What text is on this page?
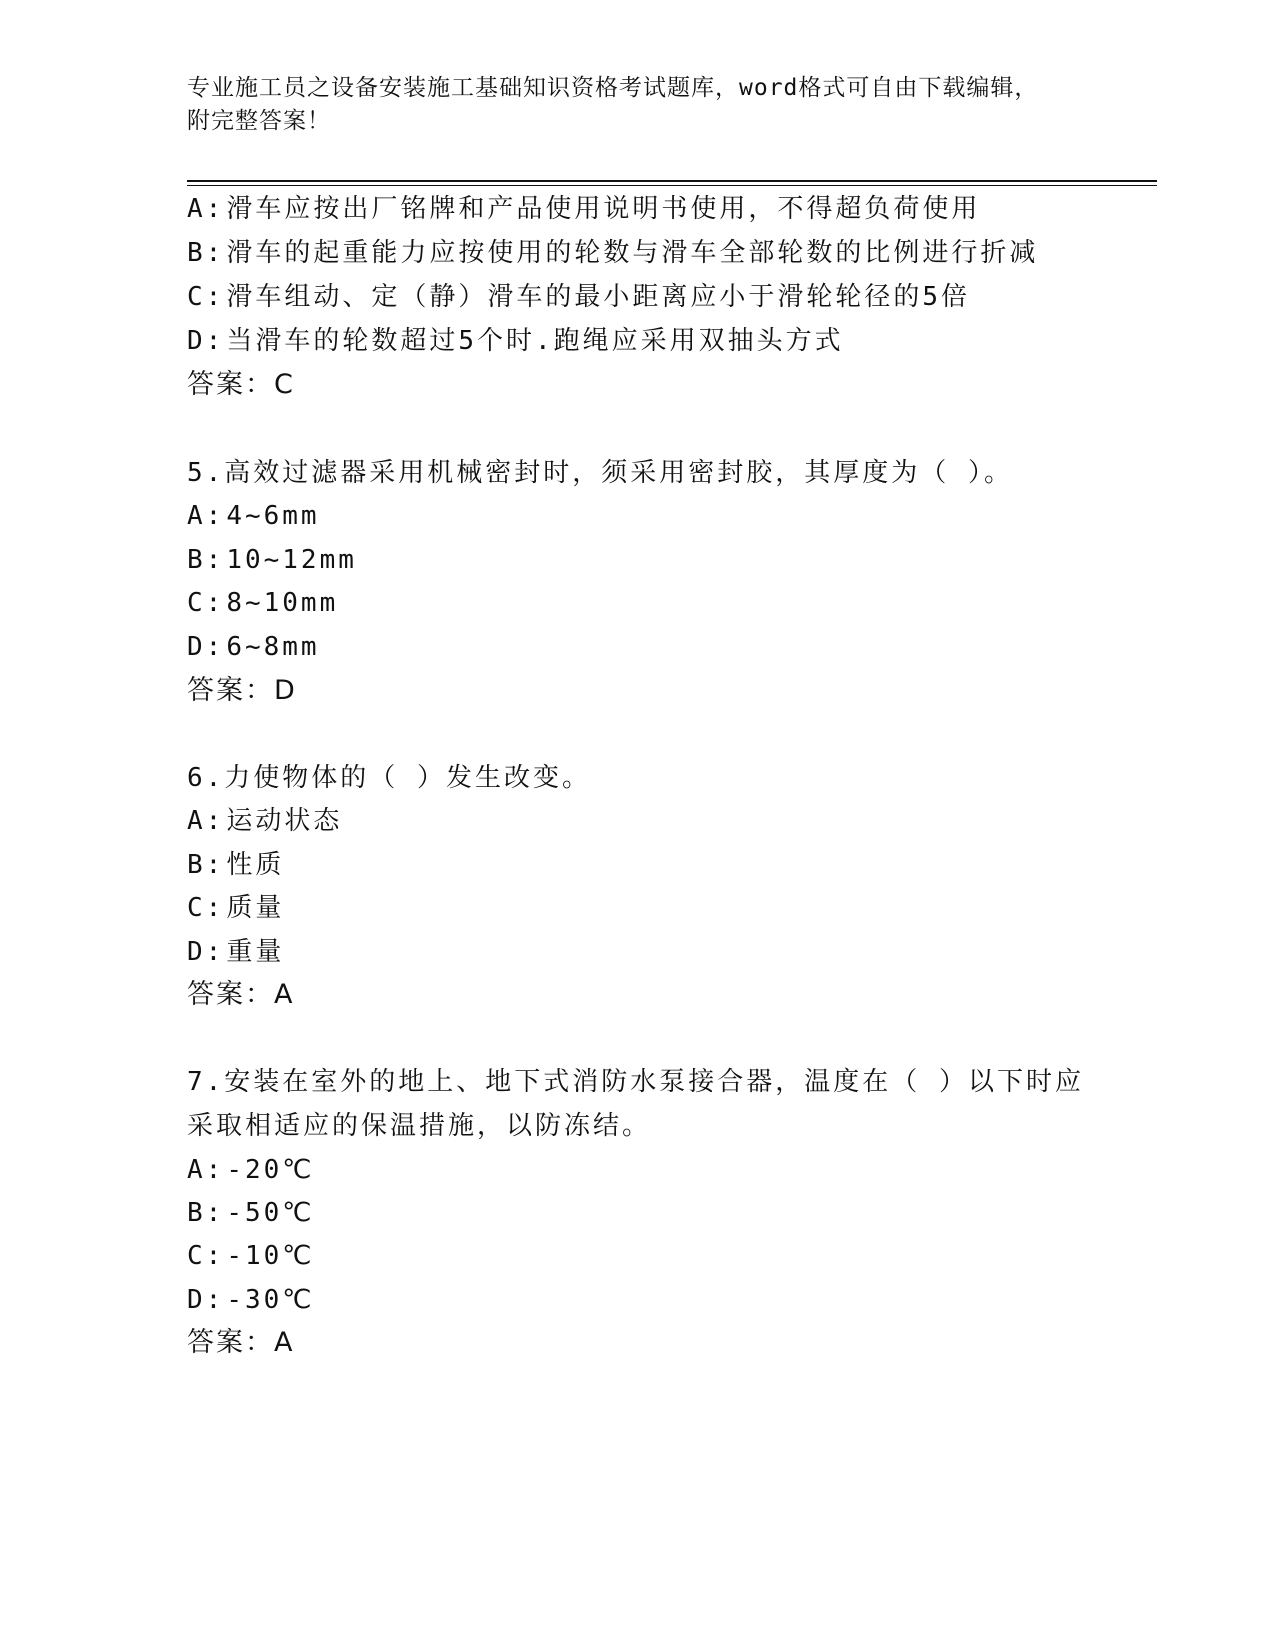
专业施工员之设备安装施工基础知识资格考试题库，word格式可自由下载编辑，
附完整答案！
A:滑车应按出厂铭牌和产品使用说明书使用，不得超负荷使用
B:滑车的起重能力应按使用的轮数与滑车全部轮数的比例进行折减
C:滑车组动、定（静）滑车的最小距离应小于滑轮轮径的5倍
D:当滑车的轮数超过5个时.跑绳应采用双抽头方式
答案：C
5.高效过滤器采用机械密封时，须采用密封胶，其厚度为（ ）。
A:4~6mm
B:10~12mm
C:8~10mm
D:6~8mm
答案：D
6.力使物体的（ ）发生改变。
A:运动状态
B:性质
C:质量
D:重量
答案：A
7.安装在室外的地上、地下式消防水泵接合器，温度在（ ）以下时应
采取相适应的保温措施，以防冻结。
A:-20℃
B:-50℃
C:-10℃
D:-30℃
答案：A
